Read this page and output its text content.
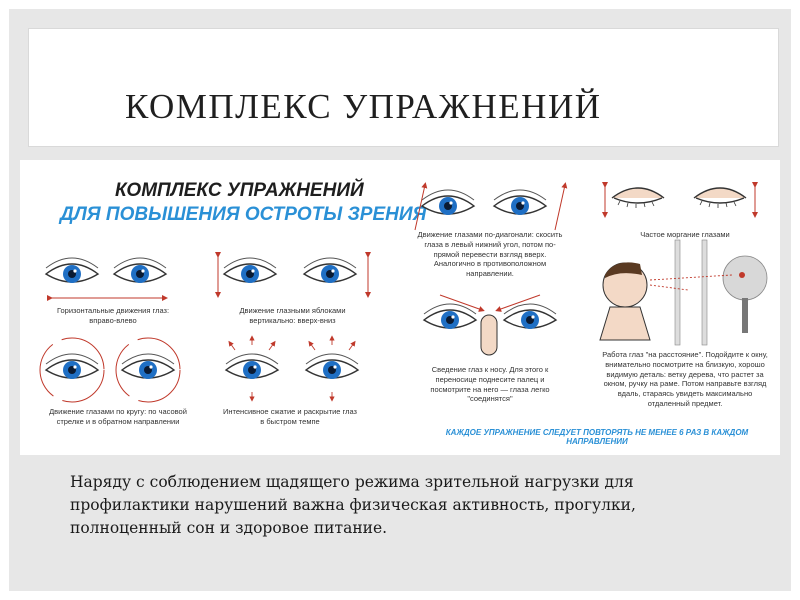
КОМПЛЕКС УПРАЖНЕНИЙ
КОМПЛЕКС УПРАЖНЕНИЙ
ДЛЯ ПОВЫШЕНИЯ ОСТРОТЫ ЗРЕНИЯ
Горизонтальные движения глаз: вправо-влево
Движение глазными яблоками вертикально: вверх-вниз
Движение глазами по кругу: по часовой стрелке и в обратном направлении
Интенсивное сжатие и раскрытие глаз в быстром темпе
Движение глазами по-диагонали: скосить глаза в левый нижний угол, потом по-прямой перевести взгляд вверх. Аналогично в противоположном направлении.
Частое моргание глазами
Сведение глаз к носу. Для этого к переносице поднесите палец и посмотрите на него — глаза легко "соединятся"
Работа глаз "на расстояние". Подойдите к окну, внимательно посмотрите на близкую, хорошо видимую деталь: ветку дерева, что растет за окном, ручку на раме. Потом направьте взгляд вдаль, стараясь увидеть максимально отдаленный предмет.
КАЖДОЕ УПРАЖНЕНИЕ СЛЕДУЕТ ПОВТОРЯТЬ НЕ МЕНЕЕ 6 РАЗ В КАЖДОМ НАПРАВЛЕНИИ
Наряду с соблюдением щадящего режима зрительной нагрузки для профилактики нарушений важна физическая активность, прогулки, полноценный сон и здоровое питание.
